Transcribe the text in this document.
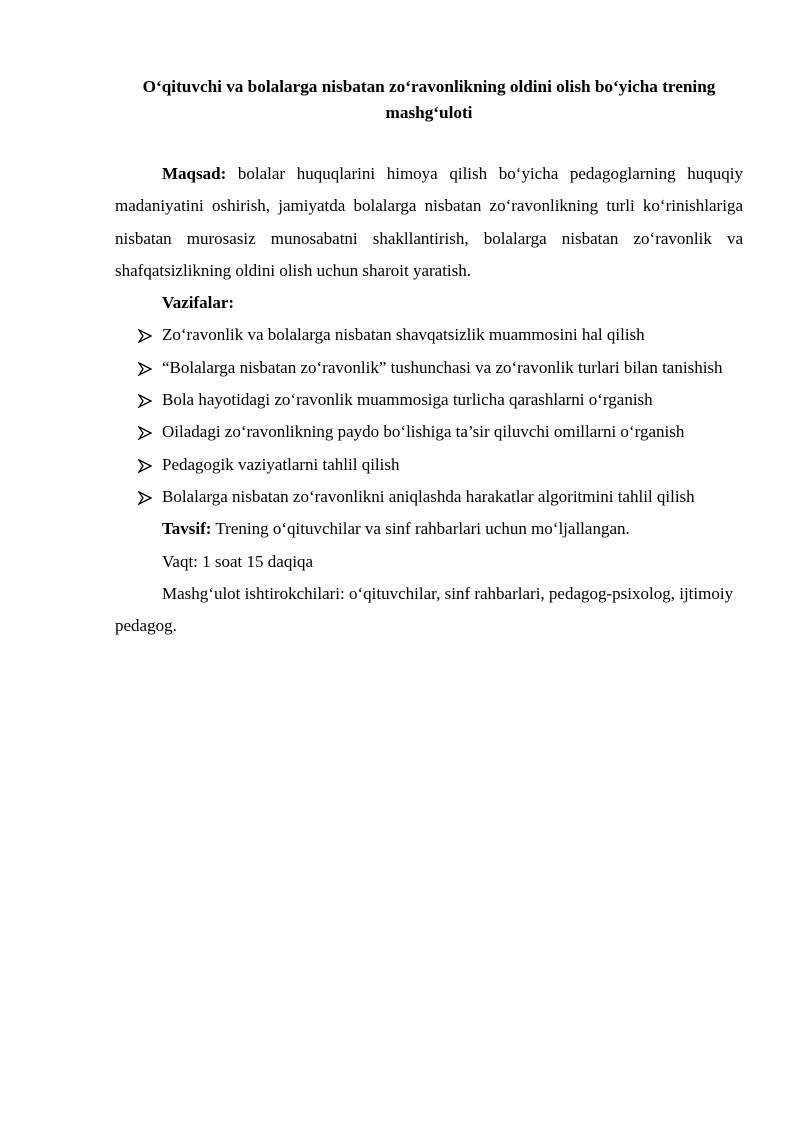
O‘qituvchi va bolalarga nisbatan zo‘ravonlikning oldini olish bo‘yicha trening mashg‘uloti

Maqsad: bolalar huquqlarini himoya qilish bo‘yicha pedagoglarning huquqiy madaniyatini oshirish, jamiyatda bolalarga nisbatan zo‘ravonlikning turli ko‘rinishlariga nisbatan murosasiz munosabatni shakllantirish, bolalarga nisbatan zo‘ravonlik va shafqatsizlikning oldini olish uchun sharoit yaratish.

Vazifalar:

Zo‘ravonlik va bolalarga nisbatan shavqatsizlik muammosini hal qilish
“Bolalarga nisbatan zo‘ravonlik” tushunchasi va zo‘ravonlik turlari bilan tanishish
Bola hayotidagi zo‘ravonlik muammosiga turlicha qarashlarni o‘rganish
Oiladagi zo‘ravonlikning paydo bo‘lishiga ta’sir qiluvchi omillarni o‘rganish
Pedagogik vaziyatlarni tahlil qilish
Bolalarga nisbatan zo‘ravonlikni aniqlashda harakatlar algoritmini tahlil qilish

Tavsif: Trening o‘qituvchilar va sinf rahbarlari uchun mo‘ljallangan.

Vaqt: 1 soat 15 daqiqa

Mashg‘ulot ishtirokchilari: o‘qituvchilar, sinf rahbarlari, pedagog-psixolog, ijtimoiy pedagog.
